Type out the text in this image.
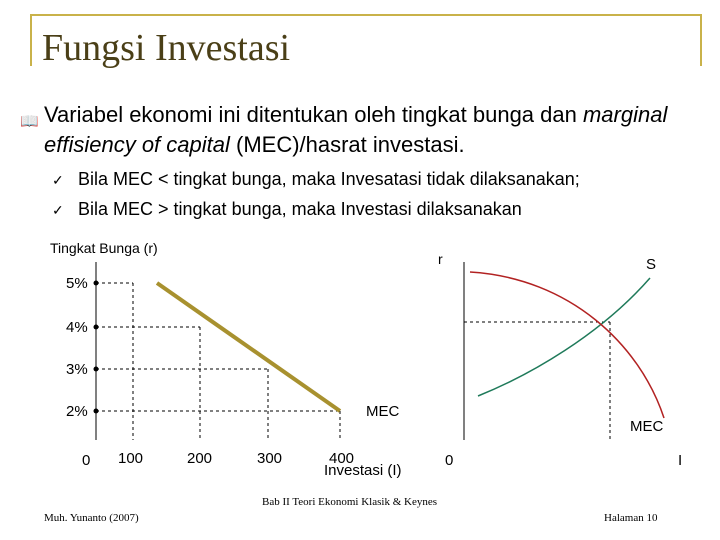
Fungsi Investasi
📖 Variabel ekonomi ini ditentukan oleh tingkat bunga dan marginal effisiency of capital (MEC)/hasrat investasi.
✓ Bila MEC < tingkat bunga, maka Invesatasi tidak dilaksanakan;
✓ Bila MEC > tingkat bunga, maka Investasi dilaksanakan
Tingkat Bunga (r)
5%
4%
3%
2%
0 100	200	300	400
Investasi (I)
MEC
r	S
MEC
0	I
Bab II Teori Ekonomi Klasik & Keynes
Muh. Yunanto (2007)	Halaman 10
